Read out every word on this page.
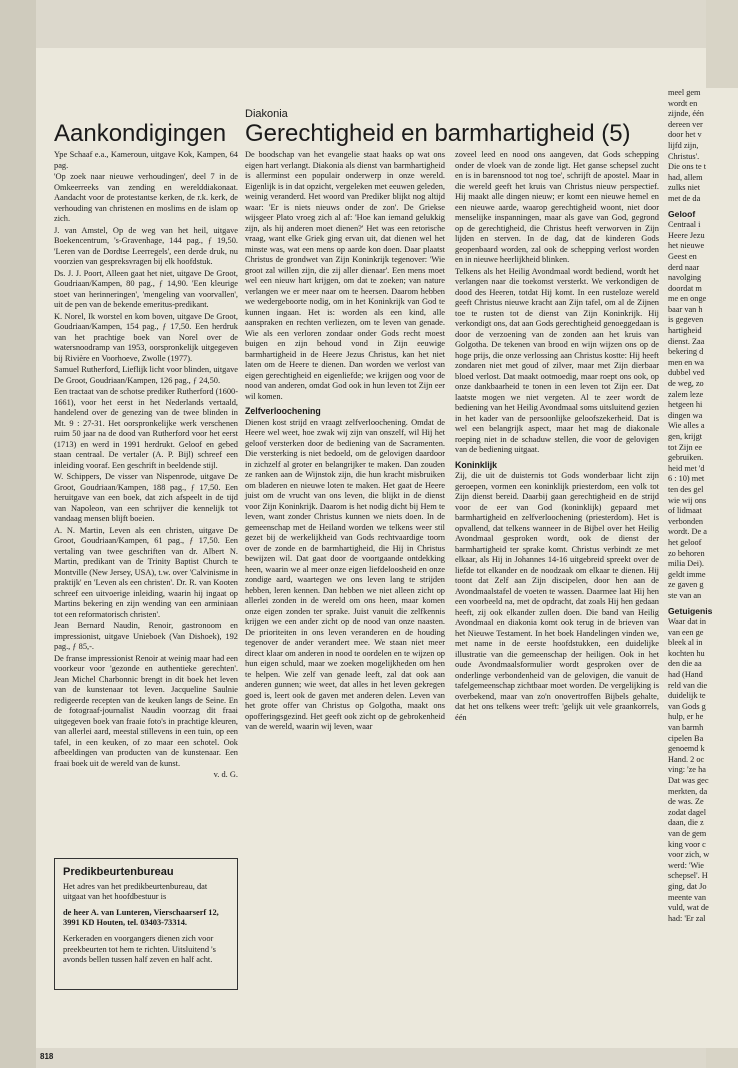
meel gem

wordt en

zijnde, één

dereen ver

door het v

lijfd zijn,

Christus'.

Die ons te t

had, allem

zulks niet

met de da

Geloof

Centraal i

Heere Jezu

het nieuwe

Geest en

derd naar

navolging

doordat m

me en onge

baar van h

is gegeven

hartigheid

dienst. Zaa

bekering d

men en wa

dubbel ved

de weg, zo

zalem leze

hetgeen hi

dingen wa

Wie alles a

gen, krijgt

tot Zijn ee

gebruiken.

heid met 'd

6 : 10) met

ten des gel

wie wij ons

of lidmaat

verbonden

wordt. De a

het geloof

zo behoren

milia Dei).

geldt imme

ze gaven g

ste van an

Getuigenis

Waar dat in

van een ge

bleek al in

kochten hu

den die aa

had (Hand

reld van die

duidelijk te

van Gods g

hulp, er he

van barmh

cipelen Ba

genoemd k

Hand. 2 oc

ving: 'ze ha

Dat was gec

merkten, da

de was. Ze

zodat dagel

daan, die z

van de gem

king voor c

voor zich, w

werd: 'Wie

schepsel'. H

ging, dat Jo

meente van

vuld, wat de

had: 'Er zal

Aankondigingen
Diakonia
Gerechtigheid en barmhartigheid (5)

Ype Schaaf e.a., Kameroun, uitgave Kok, Kampen, 64 pag.

'Op zoek naar nieuwe verhoudingen', deel 7 in de Omkeerreeks van zending en werelddiakonaat. Aandacht voor de protestantse kerken, de r.k. kerk, de verhouding van christenen en moslims en de islam op zich.

J. van Amstel, Op de weg van het heil, uitgave Boekencentrum, 's-Gravenhage, 144 pag., ƒ 19,50. 'Leren van de Dordtse Leerregels', een derde druk, nu voorzien van gespreksvragen bij elk hoofdstuk.

Ds. J. J. Poort, Alleen gaat het niet, uitgave De Groot, Goudriaan/Kampen, 80 pag., ƒ 14,90. 'Een kleurige stoet van herinneringen', 'mengeling van voorvallen', uit de pen van de bekende emeritus-predikant.

K. Norel, Ik worstel en kom boven, uitgave De Groot, Goudriaan/Kampen, 154 pag., ƒ 17,50. Een herdruk van het prachtige boek van Norel over de watersnoodramp van 1953, oorspronkelijk uitgegeven bij Rivière en Voorhoeve, Zwolle (1977).

Samuel Rutherford, Lieflijk licht voor blinden, uitgave De Groot, Goudriaan/Kampen, 126 pag., ƒ 24,50.

Een tractaat van de schotse prediker Rutherford (1600-1661), voor het eerst in het Nederlands vertaald, handelend over de genezing van de twee blinden in Mt. 9 : 27-31. Het oorspronkelijke werk verschenen ruim 50 jaar na de dood van Rutherford voor het eerst (1713) en werd in 1991 herdrukt. Geloof en gebed staan centraal. De vertaler (A. P. Bijl) schreef een inleiding vooraf. Een geschrift in beeldende stijl.

W. Schippers, De visser van Nispenrode, uitgave De Groot, Goudriaan/Kampen, 188 pag., ƒ 17,50. Een heruitgave van een boek, dat zich afspeelt in de tijd van Napoleon, van een schrijver die kennelijk tot vandaag mensen blijft boeien.

A. N. Martin, Leven als een christen, uitgave De Groot, Goudriaan/Kampen, 61 pag., ƒ 17,50. Een vertaling van twee geschriften van dr. Albert N. Martin, predikant van de Trinity Baptist Church te Montville (New Jersey, USA), t.w. over 'Calvinisme in praktijk' en 'Leven als een christen'. Dr. R. van Kooten schreef een uitvoerige inleiding, waarin hij ingaat op Martins bekering en zijn wending van een arminiaan tot een reformatorisch christen'.

Jean Bernard Naudin, Renoir, gastronoom en impressionist, uitgave Unieboek (Van Dishoek), 192 pag., ƒ 85,-.

De franse impressionist Renoir at weinig maar had een voorkeur voor 'gezonde en authentieke gerechten'. Jean Michel Charbonnic brengt in dit boek het leven van de kunstenaar tot leven. Jacqueline Saulnie redigeerde recepten van de keuken langs de Seine. En de fotograaf-journalist Naudin voorzag dit fraai uitgegeven boek van fraaie foto's in prachtige kleuren, van allerlei aard, meestal stillevens in een tuin, op een tafel, in een keuken, of zo maar een schotel. Ook afbeeldingen van producten van de kunstenaar. Een fraai boek uit de wereld van de kunst.

v. d. G.

Predikbeurtenbureau

Het adres van het predikbeurtenbureau, dat uitgaat van het hoofdbestuur is

de heer A. van Lunteren, Vierschaarserf 12, 3991 KD Houten, tel. 03403-73314.

Kerkeraden en voorgangers dienen zich voor preekbeurten tot hem te richten. Uitsluitend 's avonds bellen tussen half zeven en half acht.

De boodschap van het evangelie staat haaks op wat ons eigen hart verlangt. Diakonia als dienst van barmhartigheid is allerminst een populair onderwerp in onze wereld. Eigenlijk is in dat opzicht, vergeleken met eeuwen geleden, weinig veranderd. Het woord van Prediker blijkt nog altijd waar: 'Er is niets nieuws onder de zon'. De Griekse wijsgeer Plato vroeg zich al af: 'Hoe kan iemand gelukkig zijn, als hij anderen moet dienen?' Het was een retorische vraag, want elke Griek ging ervan uit, dat dienen wel het minste was, wat een mens op aarde kon doen. Daar plaatst Christus de grondwet van Zijn Koninkrijk tegenover: 'Wie groot zal willen zijn, die zij aller dienaar'. Een mens moet wel een nieuw hart krijgen, om dat te zoeken; van nature verlangen we er meer naar om te heersen. Daarom hebben we wedergeboorte nodig, om in het Koninkrijk van God te kunnen ingaan. Het is: worden als een kind, alle aanspraken en rechten verliezen, om te leven van genade. Wie als een verloren zondaar onder Gods recht moest buigen en zijn behoud vond in Zijn eeuwige barmhartigheid in de Heere Jezus Christus, kan het niet laten om de Heere te dienen. Dan worden we verlost van eigen gerechtigheid en eigenliefde; we krijgen oog voor de nood van anderen, omdat God ook in hun leven tot Zijn eer wil komen.

Zelfverloochening

Dienen kost strijd en vraagt zelfverloochening. Omdat de Heere wel weet, hoe zwak wij zijn van onszelf, wil Hij het geloof versterken door de bediening van de Sacramenten. Die versterking is niet bedoeld, om de gelovigen daardoor in zichzelf al groter en belangrijker te maken. Dan zouden ze ranken aan de Wijnstok zijn, die hun kracht misbruiken om bladeren en nieuwe loten te maken. Het gaat de Heere juist om de vrucht van ons leven, die blijkt in de dienst voor Zijn Koninkrijk. Daarom is het nodig dicht bij Hem te leven, want zonder Christus kunnen we niets doen. In de gemeenschap met de Heiland worden we telkens weer stil gezet bij de werkelijkheid van Gods rechtvaardige toorn over de zonde en de barmhartigheid, die Hij in Christus bewijzen wil. Dat gaat door de voortgaande ontdekking heen, waarin we al meer onze eigen liefdeloosheid en onze zondige aard, waartegen we ons leven lang te strijden hebben, leren kennen. Dan hebben we niet alleen zicht op allerlei zonden in de wereld om ons heen, maar komen onze eigen zonden ter sprake. Juist vanuit die zelfkennis krijgen we een ander zicht op de nood van onze naasten. De prioriteiten in ons leven veranderen en de houding tegenover de ander verandert mee. We staan niet meer direct klaar om anderen in nood te oordelen en te wijzen op hun eigen schuld, maar we zoeken mogelijkheden om hen te helpen. Wie zelf van genade leeft, zal dat ook aan anderen gunnen; wie weet, dat alles in het leven gekregen goed is, leert ook de gaven met anderen delen. Leven van het grote offer van Christus op Golgotha, maakt ons opofferingsgezind. Het geeft ook zicht op de gebrokenheid van de wereld, waarin wij leven, waar

zoveel leed en nood ons aangeven, dat Gods schepping onder de vloek van de zonde ligt. Het ganse schepsel zucht en is in barensnood tot nog toe', schrijft de apostel. Maar in die wereld geeft het kruis van Christus nieuw perspectief. Hij maakt alle dingen nieuw; er komt een nieuwe hemel en een nieuwe aarde, waarop gerechtigheid woont, niet door menselijke inspanningen, maar als gave van God, gegrond op de gerechtigheid, die Christus heeft verworven in Zijn lijden en sterven. In de dag, dat de kinderen Gods geopenbaard worden, zal ook de schepping verlost worden en in nieuwe heerlijkheid blinken.

Telkens als het Heilig Avondmaal wordt bediend, wordt het verlangen naar die toekomst versterkt. We verkondigen de dood des Heeren, totdat Hij komt. In een rusteloze wereld geeft Christus nieuwe kracht aan Zijn tafel, om al de Zijnen toe te rusten tot de dienst van Zijn Koninkrijk. Hij verkondigt ons, dat aan Gods gerechtigheid genoeggedaan is door de verzoening van de zonden aan het kruis van Golgotha. De tekenen van brood en wijn wijzen ons op de hoge prijs, die onze verlossing aan Christus kostte: Hij heeft zondaren niet met goud of zilver, maar met Zijn dierbaar bloed verlost. Dat maakt ootmoedig, maar roept ons ook, op onze dankbaarheid te tonen in een leven tot Zijn eer. Dat laatste mogen we niet vergeten. Al te zeer wordt de bediening van het Heilig Avondmaal soms uitsluitend gezien in het kader van de persoonlijke geloofszekerheid. Dat is wel een belangrijk aspect, maar het mag de diakonale roeping niet in de schaduw stellen, die voor de gelovigen van de bediening uitgaat.

Koninklijk

Zij, die uit de duisternis tot Gods wonderbaar licht zijn geroepen, vormen een koninklijk priesterdom, een volk tot Zijn dienst bereid. Daarbij gaan gerechtigheid en de strijd voor de eer van God (koninklijk) gepaard met barmhartigheid en zelfverloochening (priesterdom). Het is opvallend, dat telkens wanneer in de Bijbel over het Heilig Avondmaal gesproken wordt, ook de dienst der barmhartigheid ter sprake komt. Christus verbindt ze met elkaar, als Hij in Johannes 14-16 uitgebreid spreekt over de liefde tot elkander en de noodzaak om elkaar te dienen. Hij toont dat Zelf aan Zijn discipelen, door hen aan de Avondmaalstafel de voeten te wassen. Daarmee laat Hij hen een voorbeeld na, met de opdracht, dat zoals Hij hen gedaan heeft, zij ook elkander zullen doen. Die band van Heilig Avondmaal en diakonia komt ook terug in de brieven van het Nieuwe Testament. In het boek Handelingen vinden we, met name in de eerste hoofdstukken, een duidelijke illustratie van die gemeenschap der heiligen. Ook in het oude Avondmaalsformulier wordt gesproken over de onderlinge verbondenheid van de gelovigen, die vanuit de tafelgemeenschap zichtbaar moet worden. De vergelijking is overbekend, maar van zo'n onovertroffen Bijbels gehalte, dat het ons telkens weer treft: 'gelijk uit vele graankorrels, één

818
